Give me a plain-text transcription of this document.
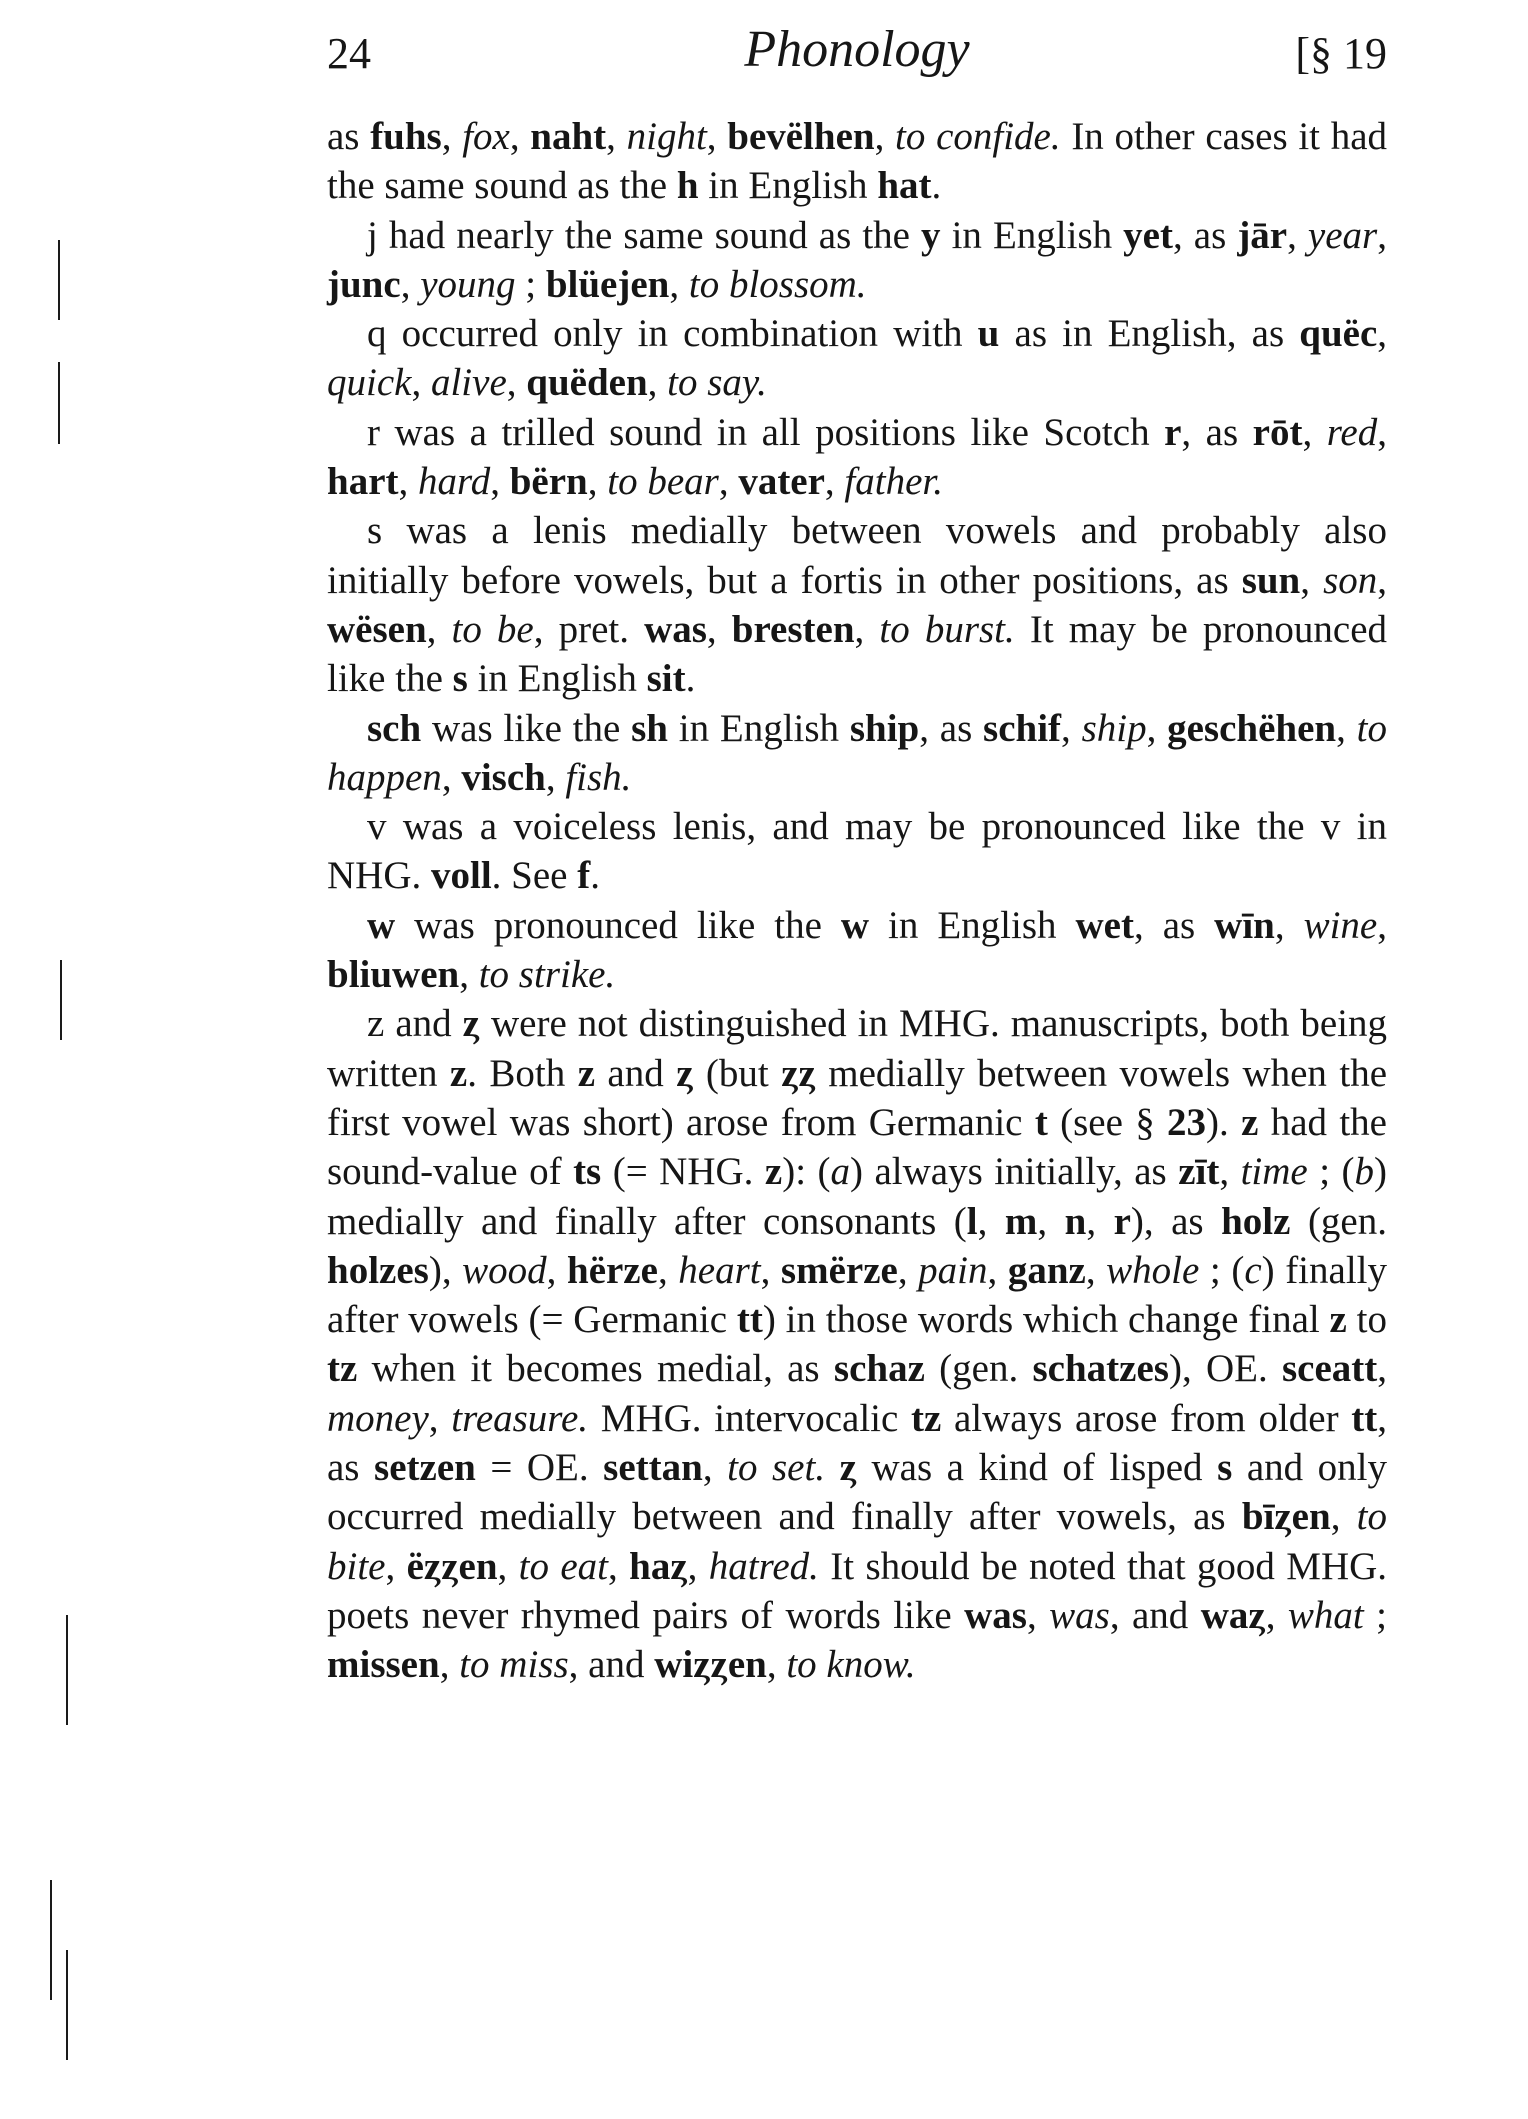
24	Phonology	[§ 19

as fuhs, fox, naht, night, bevëlhen, to confide. In other cases it had the same sound as the h in English hat.

j had nearly the same sound as the y in English yet, as jār, year, junc, young ; blüejen, to blossom.

q occurred only in combination with u as in English, as quëc, quick, alive, quëden, to say.

r was a trilled sound in all positions like Scotch r, as rōt, red, hart, hard, bërn, to bear, vater, father.

s was a lenis medially between vowels and probably also initially before vowels, but a fortis in other positions, as sun, son, wësen, to be, pret. was, bresten, to burst. It may be pronounced like the s in English sit.

sch was like the sh in English ship, as schif, ship, geschëhen, to happen, visch, fish.

v was a voiceless lenis, and may be pronounced like the v in NHG. voll. See f.

w was pronounced like the w in English wet, as wīn, wine, bliuwen, to strike.

z and ȥ were not distinguished in MHG. manuscripts, both being written z. Both z and ȥ (but ȥȥ medially between vowels when the first vowel was short) arose from Germanic t (see § 23). z had the sound-value of ts (= NHG. z): (a) always initially, as zīt, time ; (b) medially and finally after consonants (l, m, n, r), as holz (gen. holzes), wood, hërze, heart, smërze, pain, ganz, whole ; (c) finally after vowels (= Germanic tt) in those words which change final z to tz when it becomes medial, as schaz (gen. schatzes), OE. sceatt, money, treasure. MHG. intervocalic tz always arose from older tt, as setzen = OE. settan, to set. ȥ was a kind of lisped s and only occurred medially between and finally after vowels, as bīȥen, to bite, ëȥȥen, to eat, haȥ, hatred. It should be noted that good MHG. poets never rhymed pairs of words like was, was, and waȥ, what ; missen, to miss, and wiȥȥen, to know.
